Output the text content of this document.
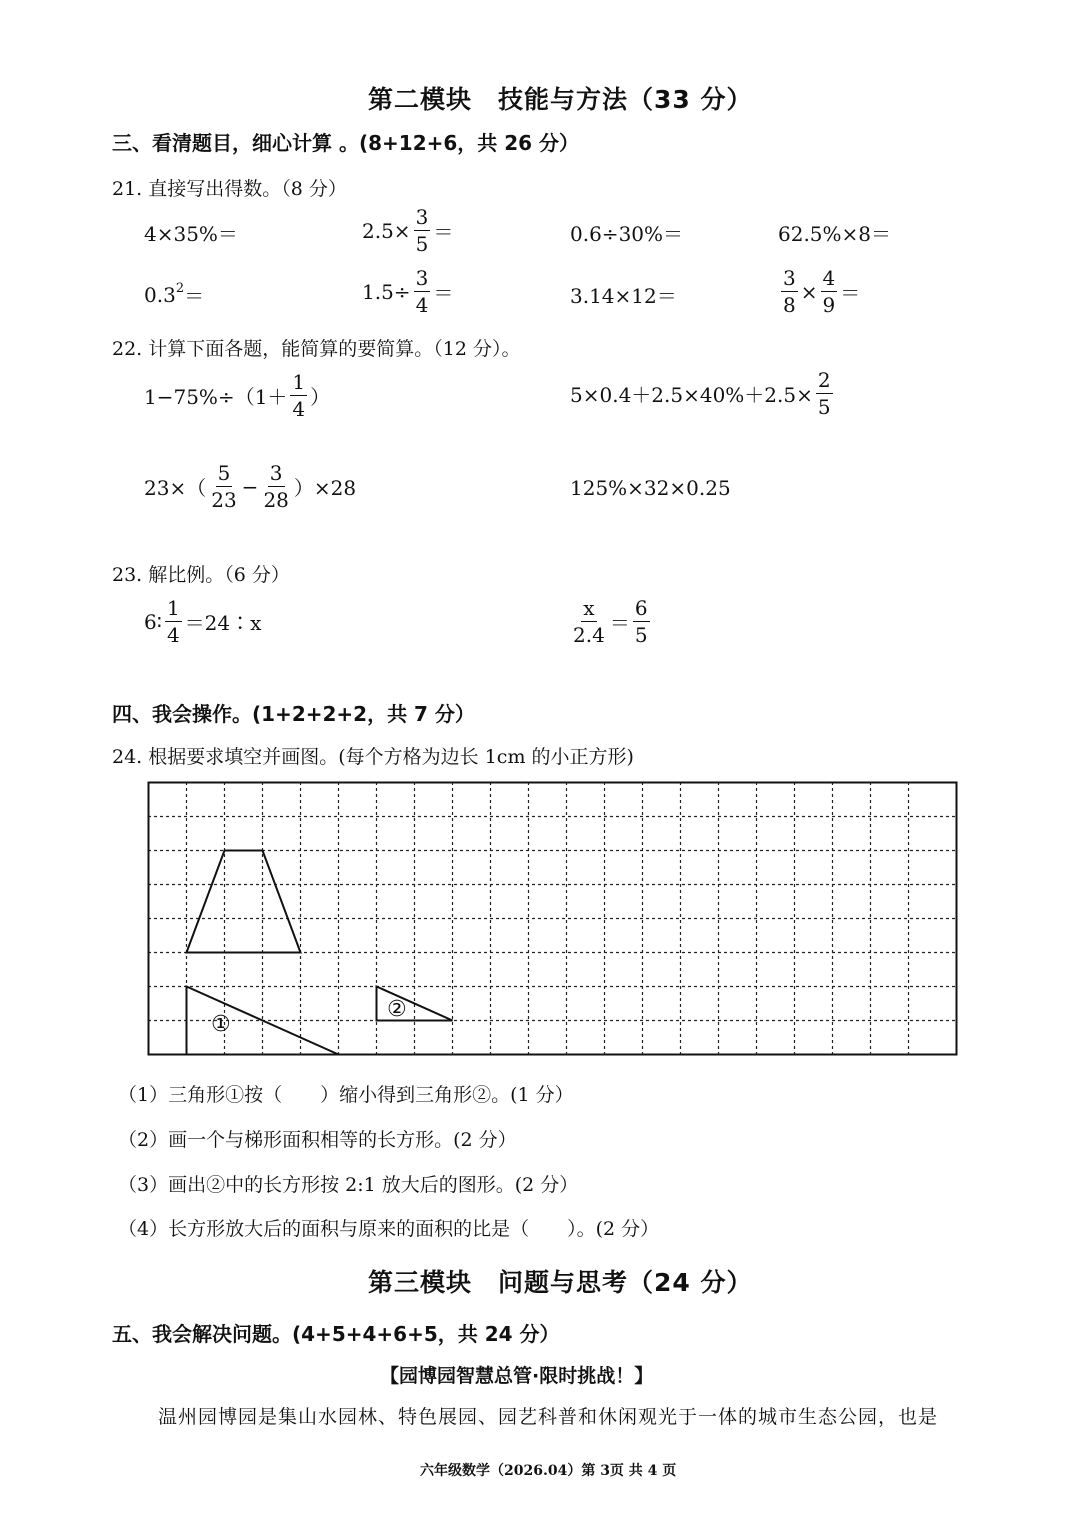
第二模块　技能与方法（33 分）
三、看清题目，细心计算 。(8+12+6，共 26 分）
21. 直接写出得数。（8 分）
4×35%＝	$2.5\times \frac{3}{5}$ ＝	0.6÷30%＝	62.5%×8＝
$0.3^2$ ＝	$1.5\div \frac{3}{4}$ ＝	3.14×12＝	$\frac{3}{8} \times \frac{4}{9}$ ＝
22. 计算下面各题，能简算的要简算。（12 分）。
$1-75\%\div(1+ \frac{1}{4}$ ）	$5\times 0.4+2.5\times 40\%+2.5\times \frac{2}{5}$
$23\times( \frac{5}{23} - \frac{3}{28} )\times 28$	125%×32×0.25
23. 解比例。（6 分）
6∶ $\frac{1}{4}$ ＝24∶x	$\frac{x}{2.4} = \frac{6}{5}$
四、我会操作。(1+2+2+2，共 7 分）
24. 根据要求填空并画图。(每个方格为边长 1cm 的小正方形)
①
②
（1）三角形①按（　　）缩小得到三角形②。(1 分）
（2）画一个与梯形面积相等的长方形。(2 分）
（3）画出②中的长方形按 2:1 放大后的图形。(2 分）
（4）长方形放大后的面积与原来的面积的比是（　　）。(2 分）
第三模块　问题与思考（24 分）
五、我会解决问题。(4+5+4+6+5，共 24 分）
【园博园智慧总管·限时挑战！】
温州园博园是集山水园林、特色展园、园艺科普和休闲观光于一体的城市生态公园，也是
六年级数学（2026.04）第 3页 共 4 页
